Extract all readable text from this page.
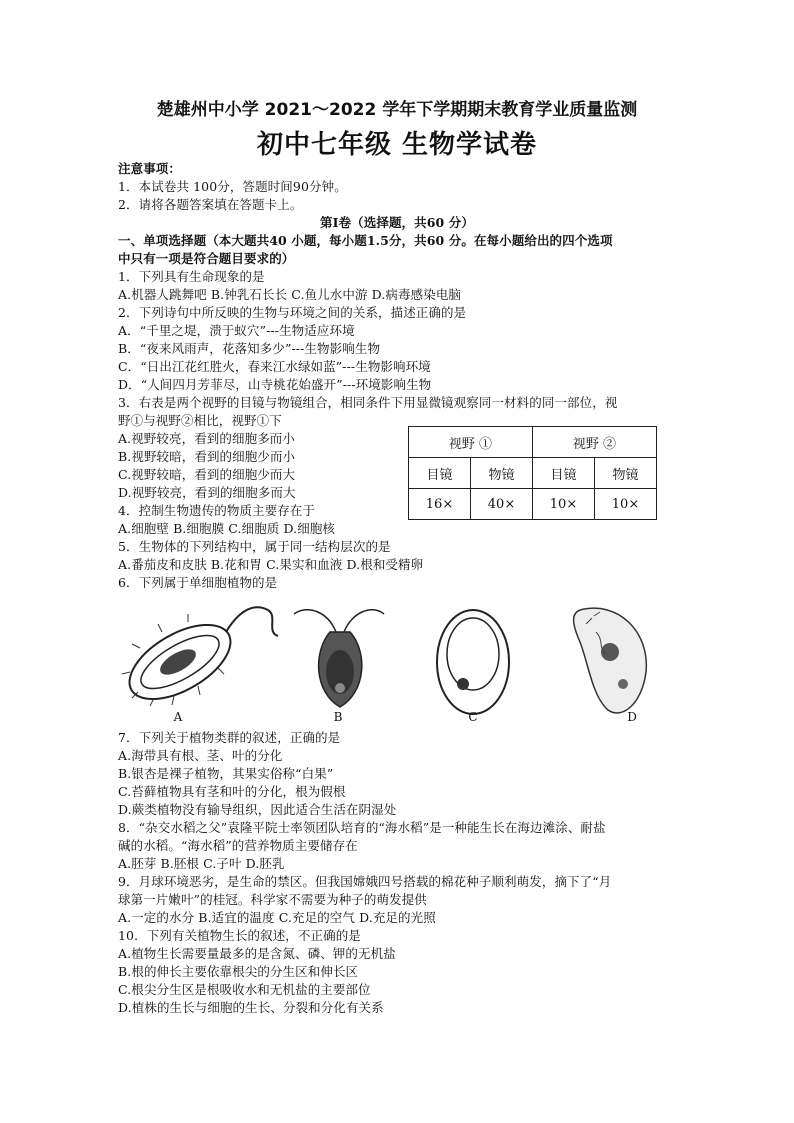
楚雄州中小学 2021～2022 学年下学期期末教育学业质量监测
初中七年级 生物学试卷
注意事项：
1．本试卷共 100分，答题时间90分钟。
2．请将各题答案填在答题卡上。
第Ⅰ卷（选择题，共60 分）
一、单项选择题（本大题共40 小题，每小题1.5分，共60 分。在每小题给出的四个选项
中只有一项是符合题目要求的）
1．下列具有生命现象的是
A.机器人跳舞吧 B.钟乳石长长 C.鱼儿水中游 D.病毒感染电脑
2．下列诗句中所反映的生物与环境之间的关系，描述正确的是
A．“千里之堤，溃于蚁穴”---生物适应环境
B．“夜来风雨声，花落知多少”---生物影响生物
C．“日出江花红胜火，春来江水绿如蓝”---生物影响环境
D．“人间四月芳菲尽，山寺桃花始盛开”---环境影响生物
3．右表是两个视野的目镜与物镜组合，相同条件下用显微镜观察同一材料的同一部位，视
野①与视野②相比，视野①下
A.视野较亮，看到的细胞多而小
B.视野较暗，看到的细胞少而小
C.视野较暗，看到的细胞少而大
D.视野较亮，看到的细胞多而大
4．控制生物遗传的物质主要存在于
A.细胞壁 B.细胞膜 C.细胞质 D.细胞核
5．生物体的下列结构中，属于同一结构层次的是
A.番茄皮和皮肤 B.花和胃 C.果实和血液 D.根和受精卵
6．下列属于单细胞植物的是
视野 ①		视野 ②	
目镜	物镜	目镜	物镜
16×	40×	10×	10×
A	B	C	D
7．下列关于植物类群的叙述，正确的是
A.海带具有根、茎、叶的分化
B.银杏是裸子植物，其果实俗称“白果”
C.苔藓植物具有茎和叶的分化，根为假根
D.蕨类植物没有输导组织，因此适合生活在阴湿处
8．“杂交水稻之父”袁隆平院士率领团队培育的“海水稻”是一种能生长在海边滩涂、耐盐
碱的水稻。“海水稻”的营养物质主要储存在
A.胚芽 B.胚根 C.子叶 D.胚乳
9．月球环境恶劣，是生命的禁区。但我国嫦娥四号搭载的棉花种子顺利萌发，摘下了“月
球第一片嫩叶”的桂冠。科学家不需要为种子的萌发提供
A.一定的水分 B.适宜的温度 C.充足的空气 D.充足的光照
10．下列有关植物生长的叙述，不正确的是
A.植物生长需要量最多的是含氮、磷、钾的无机盐
B.根的伸长主要依靠根尖的分生区和伸长区
C.根尖分生区是根吸收水和无机盐的主要部位
D.植株的生长与细胞的生长、分裂和分化有关系
